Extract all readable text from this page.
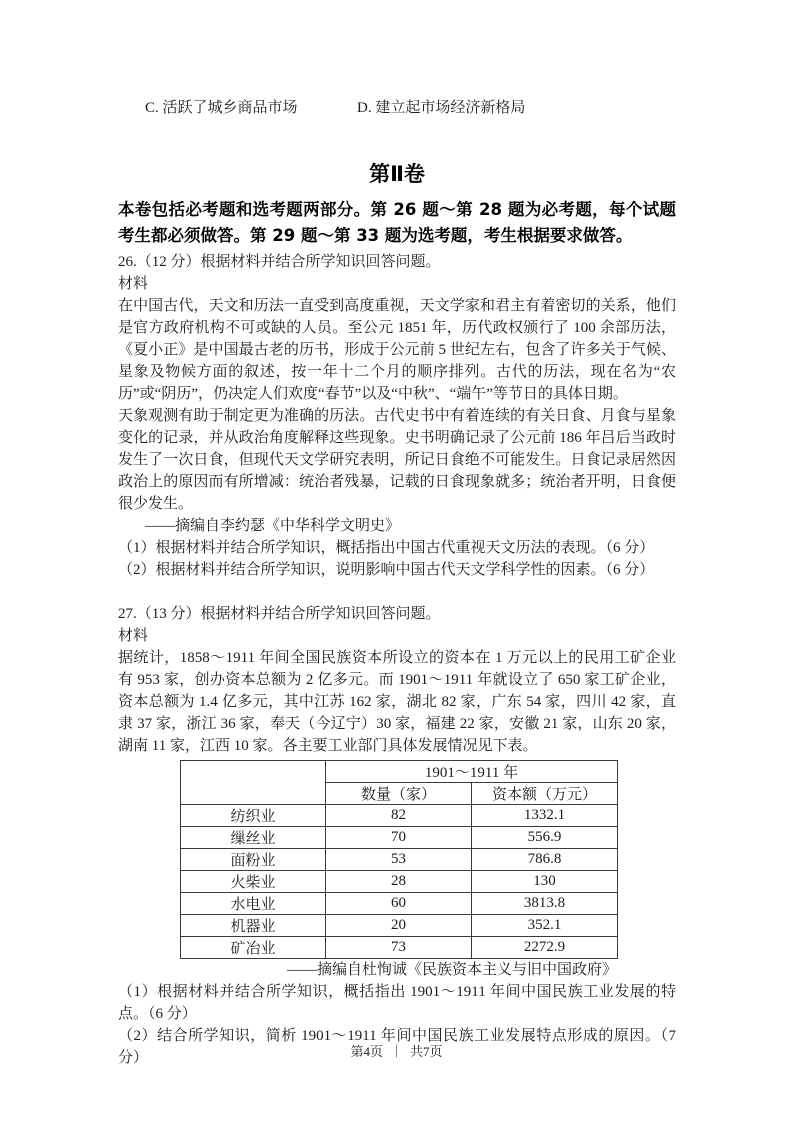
C. 活跃了城乡商品市场	D. 建立起市场经济新格局
第Ⅱ卷

本卷包括必考题和选考题两部分。第 26 题～第 28 题为必考题，每个试题考生都必须做答。第 29 题～第 33 题为选考题，考生根据要求做答。

26.（12 分）根据材料并结合所学知识回答问题。

材料

在中国古代，天文和历法一直受到高度重视，天文学家和君主有着密切的关系，他们是官方政府机构不可或缺的人员。至公元 1851 年，历代政权颁行了 100 余部历法，《夏小正》是中国最古老的历书，形成于公元前 5 世纪左右，包含了许多关于气候、星象及物候方面的叙述，按一年十二个月的顺序排列。古代的历法，现在名为“农历”或“阴历”，仍决定人们欢度“春节”以及“中秋”、“端午”等节日的具体日期。

天象观测有助于制定更为准确的历法。古代史书中有着连续的有关日食、月食与星象变化的记录，并从政治角度解释这些现象。史书明确记录了公元前 186 年吕后当政时发生了一次日食，但现代天文学研究表明，所记日食绝不可能发生。日食记录居然因政治上的原因而有所增减：统治者残暴，记载的日食现象就多；统治者开明，日食便很少发生。

——摘编自李约瑟《中华科学文明史》

（1）根据材料并结合所学知识，概括指出中国古代重视天文历法的表现。（6 分）

（2）根据材料并结合所学知识，说明影响中国古代天文学科学性的因素。（6 分）

27.（13 分）根据材料并结合所学知识回答问题。

材料

据统计，1858～1911 年间全国民族资本所设立的资本在 1 万元以上的民用工矿企业有 953 家，创办资本总额为 2 亿多元。而 1901～1911 年就设立了 650 家工矿企业，资本总额为 1.4 亿多元，其中江苏 162 家，湖北 82 家，广东 54 家，四川 42 家，直隶 37 家，浙江 36 家，奉天（今辽宁）30 家，福建 22 家，安徽 21 家，山东 20 家，湖南 11 家，江西 10 家。各主要工业部门具体发展情况见下表。

	1901～1911 年	
	数量（家）	资本额（万元）
纺织业	82	1332.1
缫丝业	70	556.9
面粉业	53	786.8
火柴业	28	130
水电业	60	3813.8
机器业	20	352.1
矿冶业	73	2272.9

——摘编自杜恂诚《民族资本主义与旧中国政府》

（1）根据材料并结合所学知识，概括指出 1901～1911 年间中国民族工业发展的特点。（6 分）

（2）结合所学知识，简析 1901～1911 年间中国民族工业发展特点形成的原因。（7 分）	第4页 ｜ 共7页
